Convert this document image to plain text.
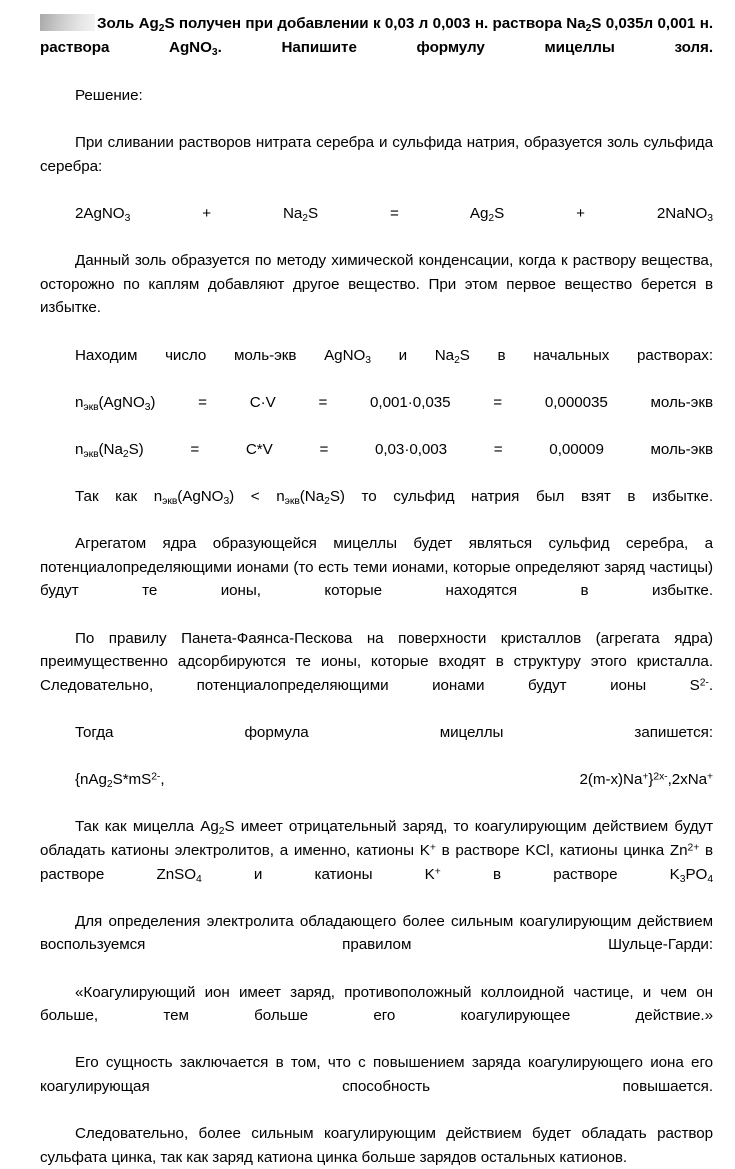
Золь $Ag_2S$ получен при добавлении к 0,03 л 0,003 н. раствора $Na_2S$ 0,035л 0,001 н. раствора AgNO$_3$. Напишите формулу мицеллы золя.

Решение:

При сливании растворов нитрата серебра и сульфида натрия, образуется золь сульфида серебра:

2AgNO$_3$ + $Na_2S = Ag_2S$ + 2NaNO$_3$

Данный золь образуется по методу химической конденсации, когда к раствору вещества, осторожно по каплям добавляют другое вещество. При этом первое вещество берется в избытке.

Находим число моль-экв AgNO$_3$ и $Na_2S$ в начальных растворах:

$n_{экв}(AgNO_3) = C\cdot V = 0,001\cdot 0,035 = 0,000035$ моль-экв

$n_{экв}(Na_2S) = C*V = 0,03\cdot 0,003 = 0,00009$ моль-экв

Так как $n_{экв}(AgNO_3) < n_{экв}(Na_2S)$ то сульфид натрия был взят в избытке.

Агрегатом ядра образующейся мицеллы будет являться сульфид серебра, а потенциалопределяющими ионами (то есть теми ионами, которые определяют заряд частицы) будут те ионы, которые находятся в избытке.

По правилу Панета-Фаянса-Пескова на поверхности кристаллов (агрегата ядра) преимущественно адсорбируются те ионы, которые входят в структуру этого кристалла. Следовательно, потенциалопределяющими ионами будут ионы $S^{2-}$.

Тогда формула мицеллы запишется:

{$nAg_2S*mS^{2-}$, 2(m-x)Na+}$^{2x-}$,2xNa+

Так как мицелла $Ag_2S$ имеет отрицательный заряд, то коагулирующим действием будут обладать катионы электролитов, а именно, катионы K+ в растворе KCl, катионы цинка $Zn^{2+}$ в растворе ZnSO$_4$ и катионы K+ в растворе $K_3PO_4$

Для определения электролита обладающего более сильным коагулирующим действием воспользуемся правилом Шульце-Гарди:

«Коагулирующий ион имеет заряд, противоположный коллоидной частице, и чем он больше, тем больше его коагулирующее действие.»

Его сущность заключается в том, что с повышением заряда коагулирующего иона его коагулирующая способность повышается.

Следовательно, более сильным коагулирующим действием будет обладать раствор сульфата цинка, так как заряд катиона цинка больше зарядов остальных катионов.
